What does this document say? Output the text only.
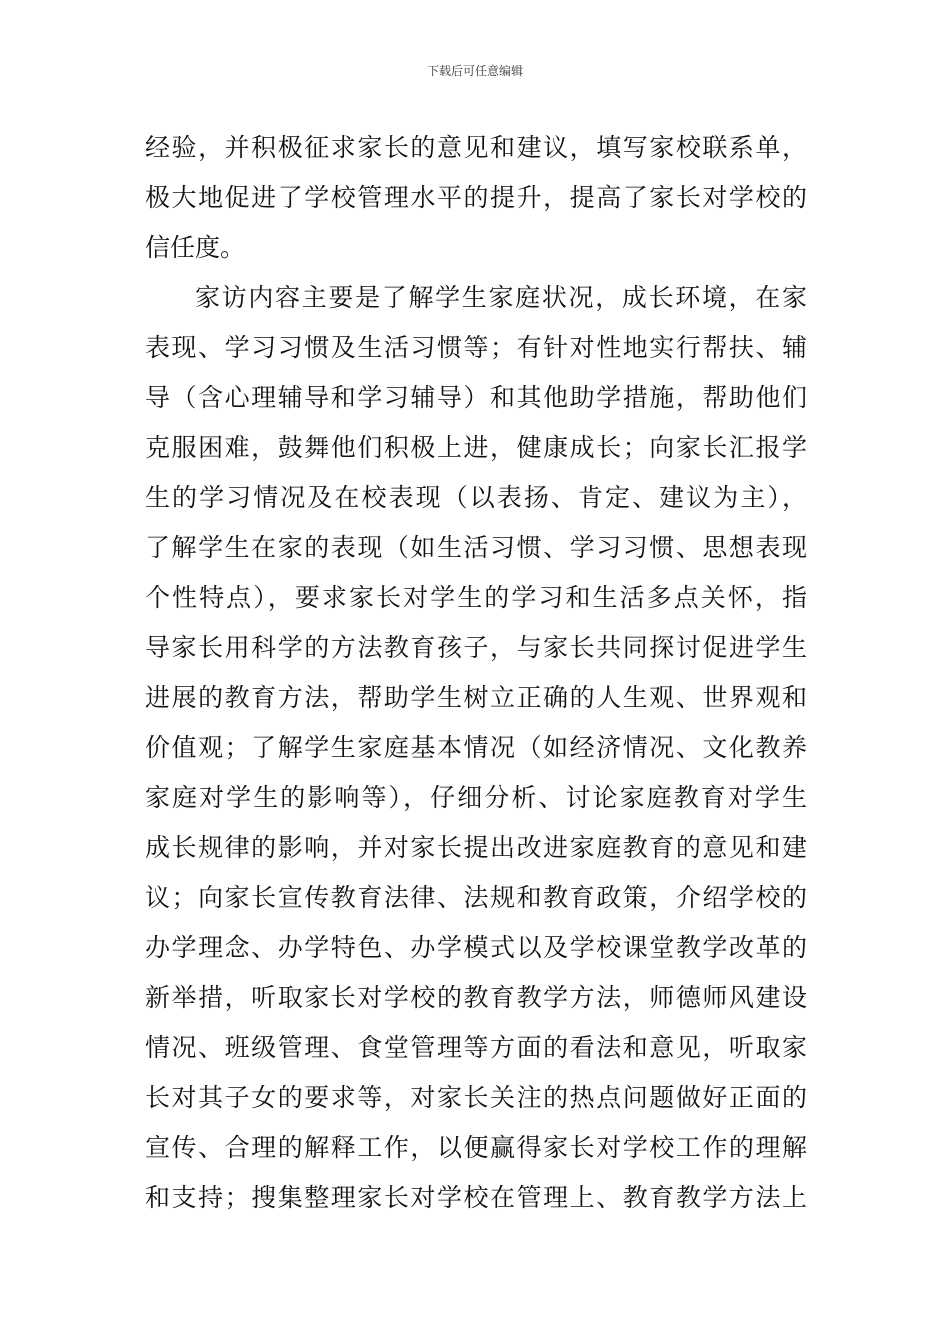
下载后可任意编辑
经验，并积极征求家长的意见和建议，填写家校联系单，
极大地促进了学校管理水平的提升，提高了家长对学校的
信任度。
家访内容主要是了解学生家庭状况，成长环境，在家
表现、学习习惯及生活习惯等；有针对性地实行帮扶、辅
导（含心理辅导和学习辅导）和其他助学措施，帮助他们
克服困难，鼓舞他们积极上进，健康成长；向家长汇报学
生的学习情况及在校表现（以表扬、肯定、建议为主），
了解学生在家的表现（如生活习惯、学习习惯、思想表现
个性特点），要求家长对学生的学习和生活多点关怀，指
导家长用科学的方法教育孩子，与家长共同探讨促进学生
进展的教育方法，帮助学生树立正确的人生观、世界观和
价值观；了解学生家庭基本情况（如经济情况、文化教养
家庭对学生的影响等），仔细分析、讨论家庭教育对学生
成长规律的影响，并对家长提出改进家庭教育的意见和建
议；向家长宣传教育法律、法规和教育政策，介绍学校的
办学理念、办学特色、办学模式以及学校课堂教学改革的
新举措，听取家长对学校的教育教学方法，师德师风建设
情况、班级管理、食堂管理等方面的看法和意见，听取家
长对其子女的要求等，对家长关注的热点问题做好正面的
宣传、合理的解释工作，以便赢得家长对学校工作的理解
和支持；搜集整理家长对学校在管理上、教育教学方法上
